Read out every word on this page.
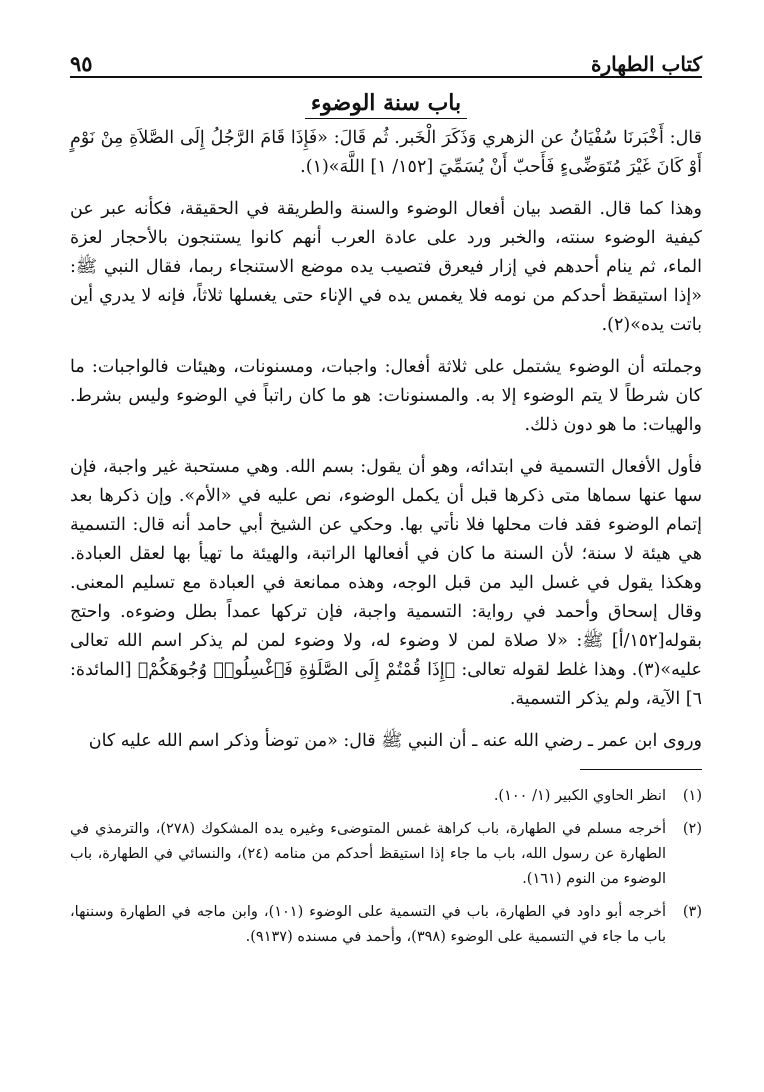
كتاب الطهارة
٩٥
باب سنة الوضوء

قال: أَخْبَرنَا سُفْيَانُ عن الزهري وَذَكَرَ الْخَبر. ثُم قَالَ: «فَإِذَا قَامَ الرَّجُلُ إِلَى الصَّلاَةِ مِنْ نَوْمٍ أَوْ كَانَ غَيْرَ مُتَوَضِّىءٍ فَأَحبّ أَنْ يُسَمِّيَ [١٥٢/ ١] اللَّهَ»(١).

وهذا كما قال. القصد بيان أفعال الوضوء والسنة والطريقة في الحقيقة، فكأنه عبر عن كيفية الوضوء سنته، والخبر ورد على عادة العرب أنهم كانوا يستنجون بالأحجار لعزة الماء، ثم ينام أحدهم في إزار فيعرق فتصيب يده موضع الاستنجاء ربما، فقال النبي ﷺ: «إذا استيقظ أحدكم من نومه فلا يغمس يده في الإناء حتى يغسلها ثلاثاً، فإنه لا يدري أين باتت يده»(٢).

وجملته أن الوضوء يشتمل على ثلاثة أفعال: واجبات، ومسنونات، وهيئات فالواجبات: ما كان شرطاً لا يتم الوضوء إلا به. والمسنونات: هو ما كان راتباً في الوضوء وليس بشرط. والهيات: ما هو دون ذلك.

فأول الأفعال التسمية في ابتدائه، وهو أن يقول: بسم الله. وهي مستحبة غير واجبة، فإن سها عنها سماها متى ذكرها قبل أن يكمل الوضوء، نص عليه في «الأم». وإن ذكرها بعد إتمام الوضوء فقد فات محلها فلا نأتي بها. وحكي عن الشيخ أبي حامد أنه قال: التسمية هي هيئة لا سنة؛ لأن السنة ما كان في أفعالها الراتبة، والهيئة ما تهيأ بها لعقل العبادة. وهكذا يقول في غسل اليد من قبل الوجه، وهذه ممانعة في العبادة مع تسليم المعنى. وقال إسحاق وأحمد في رواية: التسمية واجبة، فإن تركها عمداً بطل وضوءه. واحتج بقوله[١٥٢/أ] ﷺ: «لا صلاة لمن لا وضوء له، ولا وضوء لمن لم يذكر اسم الله تعالى عليه»(٣). وهذا غلط لقوله تعالى: ﴿إِذَا قُمْتُمْ إِلَى الصَّلَوٰةِ فَٱغْسِلُوا۟ وُجُوهَكُمْ﴾ [المائدة: ٦] الآية، ولم يذكر التسمية.

وروى ابن عمر ـ رضي الله عنه ـ أن النبي ﷺ قال: «من توضأ وذكر اسم الله عليه كان

(١)
انظر الحاوي الكبير (١/ ١٠٠).
(٢)
أخرجه مسلم في الطهارة، باب كراهة غمس المتوضىء وغيره يده المشكوك (٢٧٨)، والترمذي في الطهارة عن رسول الله، باب ما جاء إذا استيقظ أحدكم من منامه (٢٤)، والنسائي في الطهارة، باب الوضوء من النوم (١٦١).
(٣)
أخرجه أبو داود في الطهارة، باب في التسمية على الوضوء (١٠١)، وابن ماجه في الطهارة وسننها، باب ما جاء في التسمية على الوضوء (٣٩٨)، وأحمد في مسنده (٩١٣٧).
